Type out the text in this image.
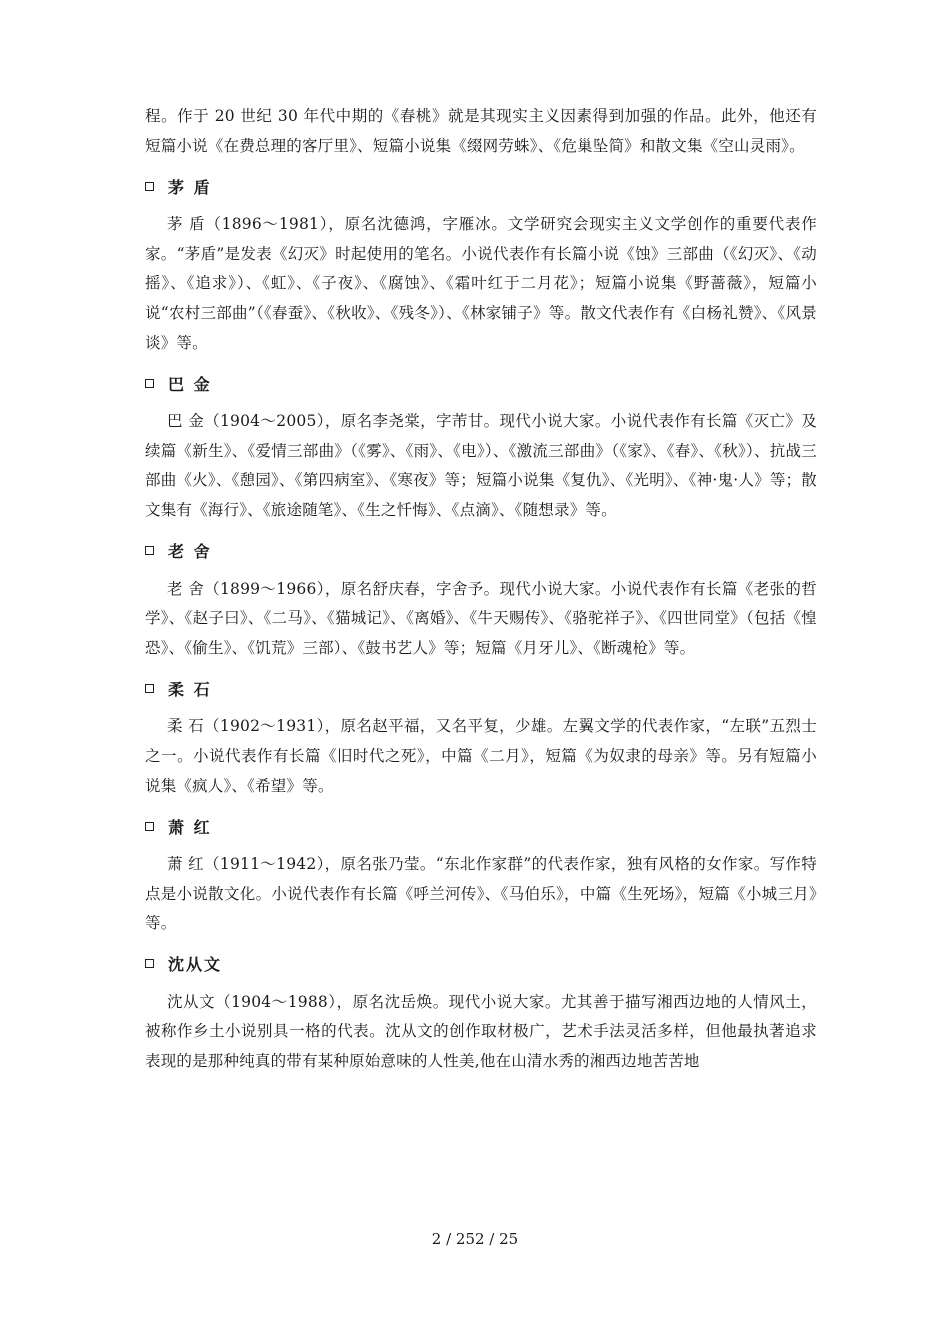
程。作于 20 世纪 30 年代中期的《春桃》就是其现实主义因素得到加强的作品。此外，他还有短篇小说《在费总理的客厅里》、短篇小说集《缀网劳蛛》、《危巢坠简》和散文集《空山灵雨》。

茅 盾

茅 盾（1896～1981），原名沈德鸿，字雁冰。文学研究会现实主义文学创作的重要代表作家。“茅盾”是发表《幻灭》时起使用的笔名。小说代表作有长篇小说《蚀》三部曲（《幻灭》、《动摇》、《追求》）、《虹》、《子夜》、《腐蚀》、《霜叶红于二月花》；短篇小说集《野蔷薇》，短篇小说“农村三部曲”（《春蚕》、《秋收》、《残冬》）、《林家铺子》等。散文代表作有《白杨礼赞》、《风景谈》等。

巴 金

巴 金（1904～2005），原名李尧棠，字芾甘。现代小说大家。小说代表作有长篇《灭亡》及续篇《新生》、《爱情三部曲》（《雾》、《雨》、《电》）、《激流三部曲》（《家》、《春》、《秋》）、抗战三部曲《火》、《憩园》、《第四病室》、《寒夜》等；短篇小说集《复仇》、《光明》、《神·鬼·人》等；散文集有《海行》、《旅途随笔》、《生之忏悔》、《点滴》、《随想录》等。

老 舍

老 舍（1899～1966），原名舒庆春，字舍予。现代小说大家。小说代表作有长篇《老张的哲学》、《赵子曰》、《二马》、《猫城记》、《离婚》、《牛天赐传》、《骆驼祥子》、《四世同堂》（包括《惶恐》、《偷生》、《饥荒》三部）、《鼓书艺人》等；短篇《月牙儿》、《断魂枪》等。

柔 石

柔 石（1902～1931），原名赵平福，又名平复，少雄。左翼文学的代表作家，“左联”五烈士之一。小说代表作有长篇《旧时代之死》，中篇《二月》，短篇《为奴隶的母亲》等。另有短篇小说集《疯人》、《希望》等。

萧 红

萧 红（1911～1942），原名张乃莹。“东北作家群”的代表作家，独有风格的女作家。写作特点是小说散文化。小说代表作有长篇《呼兰河传》、《马伯乐》，中篇《生死场》，短篇《小城三月》等。

沈从文

沈从文（1904～1988），原名沈岳焕。现代小说大家。尤其善于描写湘西边地的人情风土，被称作乡土小说别具一格的代表。沈从文的创作取材极广，艺术手法灵活多样，但他最执著追求表现的是那种纯真的带有某种原始意味的人性美,他在山清水秀的湘西边地苦苦地

2 / 252 / 25
